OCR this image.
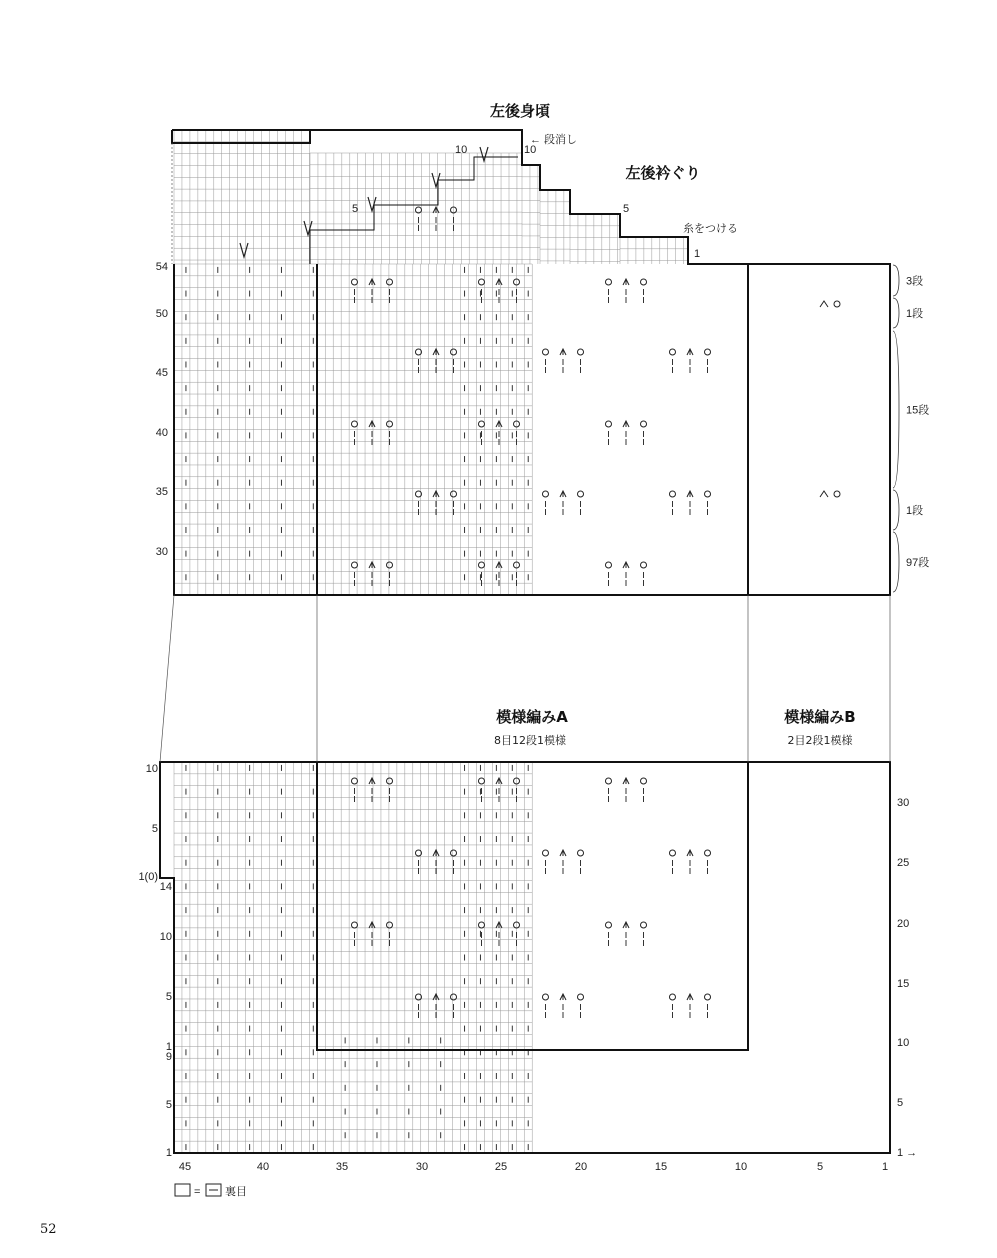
左後身頃
左後衿ぐり
模様編みA
8目12段1模様
模様編みB
2目2段1模様
← 段消し
糸をつける
10
5
1
10
5
45	40	35	30	25	20	15	10	5	1
54
50
45
40
35
30
10
5
1(0)
14
10
5
1
9
5
1
30
25
20
15
10
5
1 →
3段
1段
15段
1段
97段
= 裏目
52
